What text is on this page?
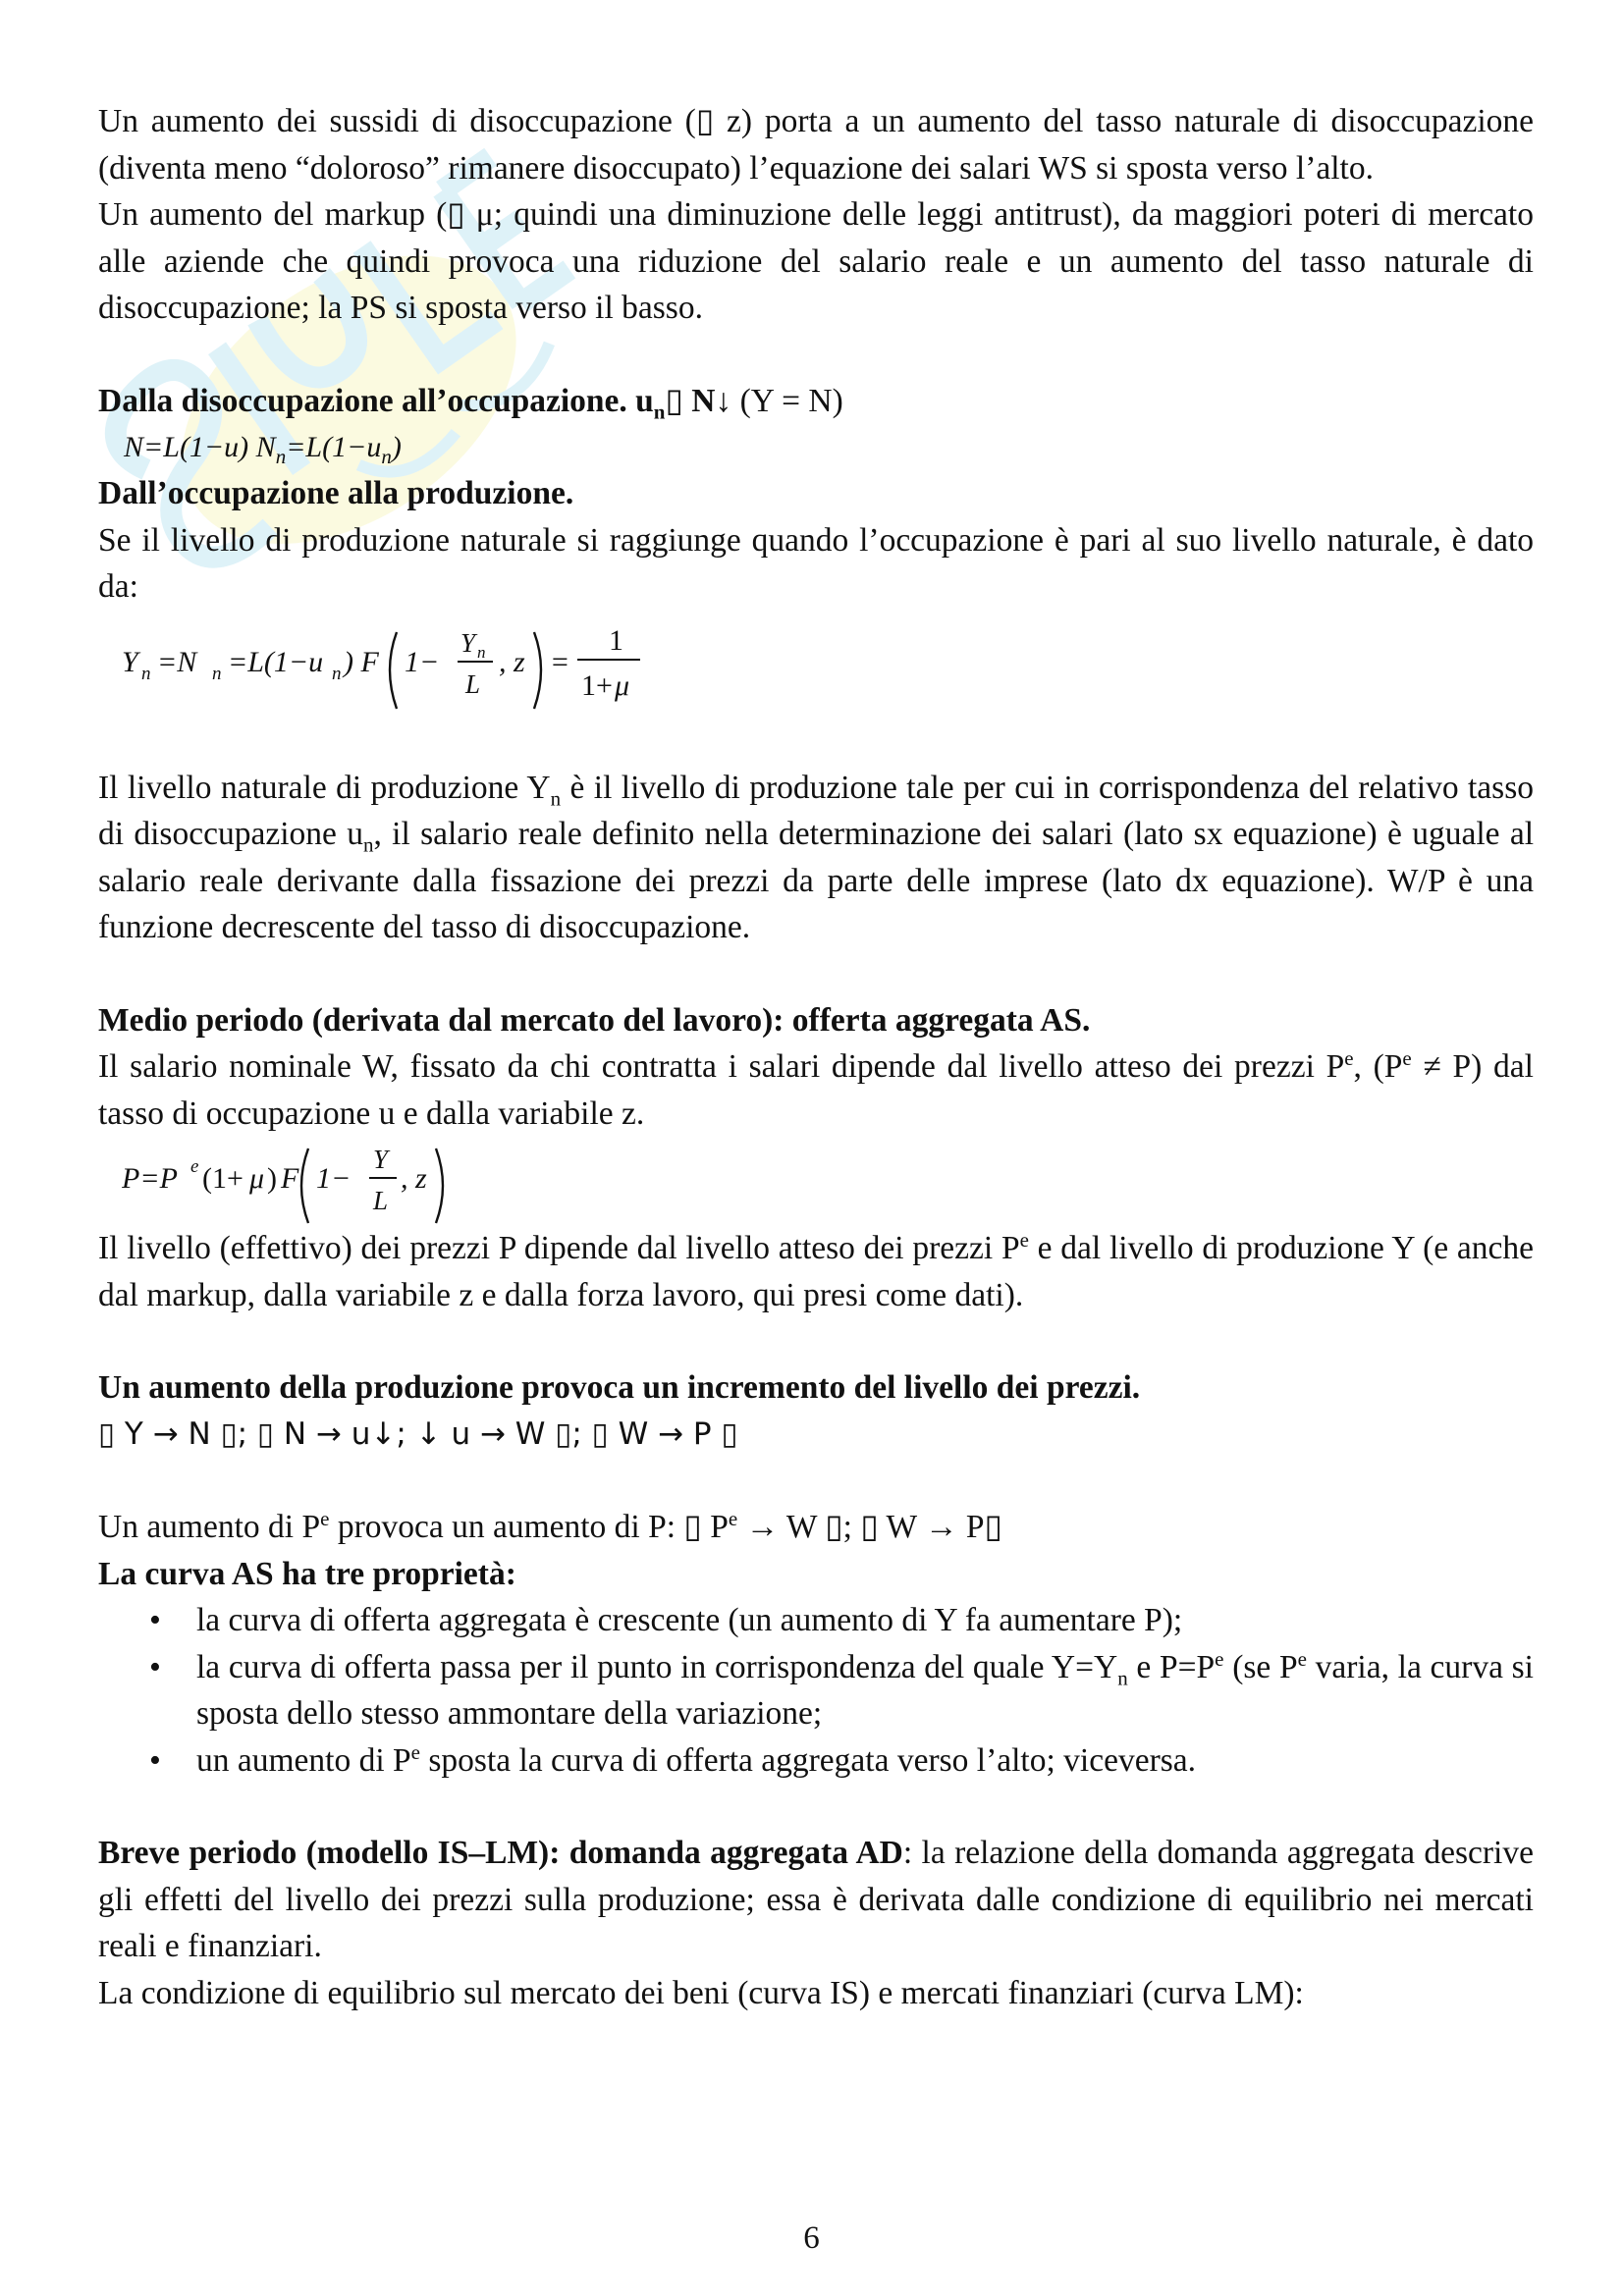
Un aumento dei sussidi di disoccupazione (▯ z) porta a un aumento del tasso naturale di disoccupazione (diventa meno “doloroso” rimanere disoccupato) l’equazione dei salari WS si sposta verso l’alto.

Un aumento del markup (▯ μ; quindi una diminuzione delle leggi antitrust), da maggiori poteri di mercato alle aziende che quindi provoca una riduzione del salario reale e un aumento del tasso naturale di disoccupazione; la PS si sposta verso il basso.

Dalla disoccupazione all’occupazione. $u_n▯$ N↓ (Y = N)

N=L(1−u) $N_n=L(1-u_n)$

Dall’occupazione alla produzione.

Se il livello di produzione naturale si raggiunge quando l’occupazione è pari al suo livello naturale, è dato da:

Y n =N n =L(1−u n ) F 1−
Y n
L
, z =
1
1+ μ

Il livello naturale di produzione $Y_n$ è il livello di produzione tale per cui in corrispondenza del relativo tasso di disoccupazione $u_n$, il salario reale definito nella determinazione dei salari (lato sx equazione) è uguale al salario reale derivante dalla fissazione dei prezzi da parte delle imprese (lato dx equazione). W/P è una funzione decrescente del tasso di disoccupazione.

Medio periodo (derivata dal mercato del lavoro): offerta aggregata AS.

Il salario nominale W, fissato da chi contratta i salari dipende dal livello atteso dei prezzi $P^e$, $(P^e \ne P)$ dal tasso di occupazione u e dalla variabile z.

P=P e (1+ μ ) F 1−
Y
L
, z

Il livello (effettivo) dei prezzi P dipende dal livello atteso dei prezzi $P^e$ e dal livello di produzione Y (e anche dal markup, dalla variabile z e dalla forza lavoro, qui presi come dati).

Un aumento della produzione provoca un incremento del livello dei prezzi.

▯ Y → N ▯; ▯ N → u↓; ↓ u → W ▯; ▯ W → P ▯

Un aumento di $P^e$ provoca un aumento di P: ▯ $P^e \to W$ ▯; ▯ W → P▯

La curva AS ha tre proprietà:

• la curva di offerta aggregata è crescente (un aumento di Y fa aumentare P);
• la curva di offerta passa per il punto in corrispondenza del quale $Y=Y_n$ e $P=P^e$ (se $P^e$ varia, la curva si sposta dello stesso ammontare della variazione;
• un aumento di $P^e$ sposta la curva di offerta aggregata verso l’alto; viceversa.

Breve periodo (modello IS–LM): domanda aggregata AD: la relazione della domanda aggregata descrive gli effetti del livello dei prezzi sulla produzione; essa è derivata dalle condizione di equilibrio nei mercati reali e finanziari.

La condizione di equilibrio sul mercato dei beni (curva IS) e mercati finanziari (curva LM):

6
